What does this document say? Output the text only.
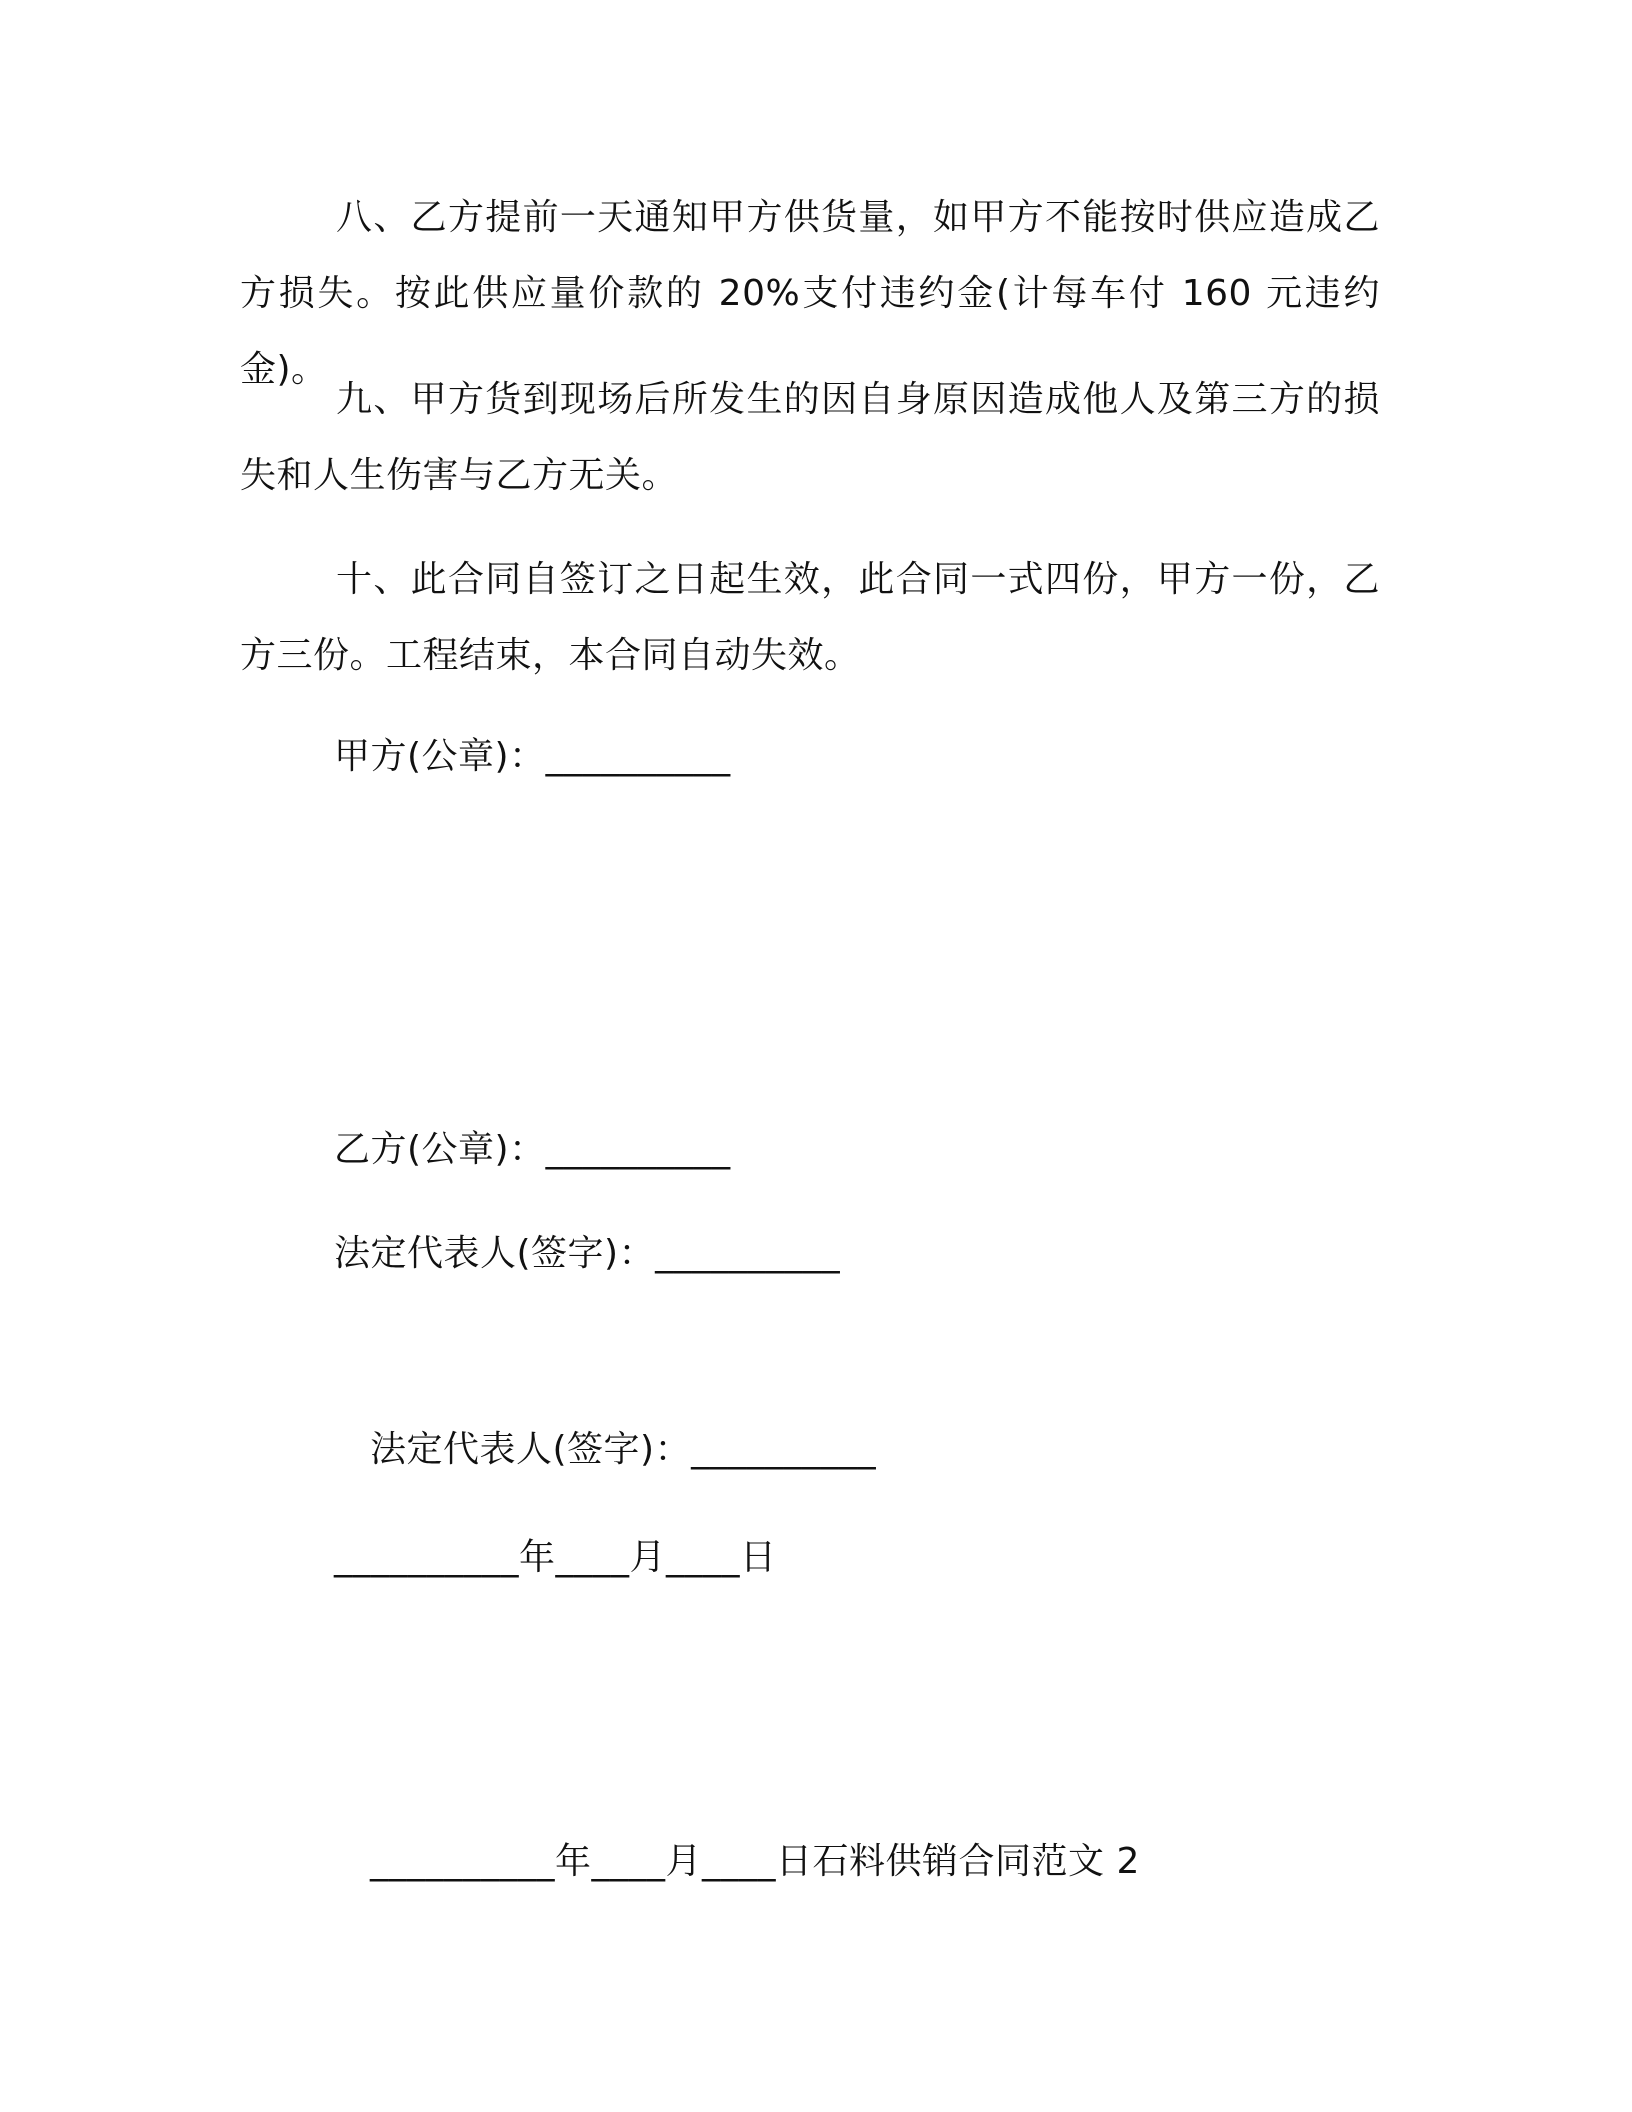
八、乙方提前一天通知甲方供货量，如甲方不能按时供应造成乙方损失。按此供应量价款的 20%支付违约金(计每车付 160 元违约金)。

九、甲方货到现场后所发生的因自身原因造成他人及第三方的损失和人生伤害与乙方无关。

十、此合同自签订之日起生效，此合同一式四份，甲方一份，乙方三份。工程结束，本合同自动失效。

甲方(公章)：__________
乙方(公章)：__________
法定代表人(签字)：__________
法定代表人(签字)：__________
__________年____月____日
__________年____月____日石料供销合同范文 2
